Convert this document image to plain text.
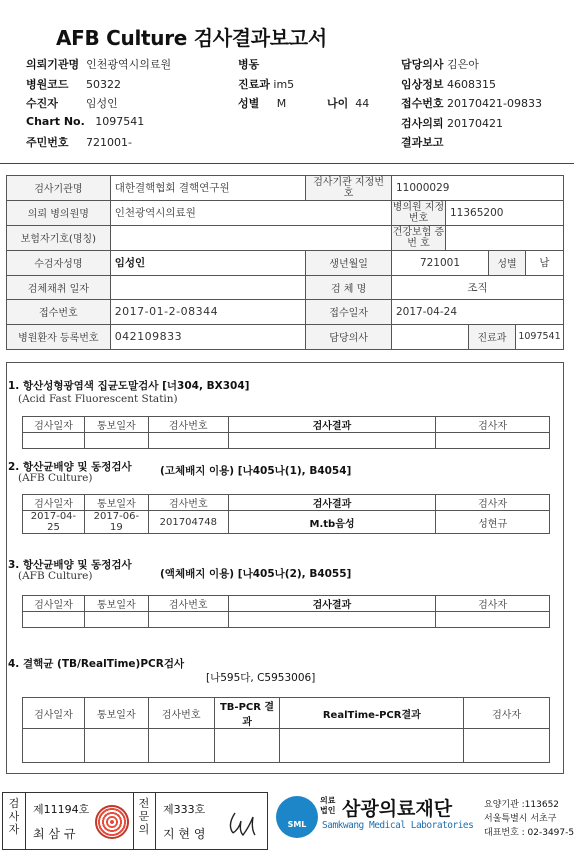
AFB Culture 검사결과보고서
의뢰기관명 인천광역시의료원
병원코드 50322
수진자	임성인
Chart No. 1097541
주민번호 721001-
병동
진료과 im5
성별 M	나이 44
담당의사 김은아
임상정보 4608315
접수번호 20170421-09833
검사의뢰 20170421
결과보고
검사기관명	대한결핵협회 결핵연구원	검사기관 지정번호	11000029
의뢰 병의원명	인천광역시의료원		병의원 지정번호 11365200

보험자기호(명칭)			건강보험 증 번 호

수검자성명	임성인	생년월일	721001 성별 남

검체채취 일자		검 체 명	조직
접수번호	2017-01-2-08344	접수일자	2017-04-24
병원환자 등록번호	042109833	담당의사	진료과 1097541
1. 항산성형광염색 집균도말검사 [너304, BX304]
(Acid Fast Fluorescent Statin)
검사일자	통보일자	검사번호	검사결과	검사자

2. 항산균배양 및 동정검사
(AFB Culture)
(고체배지 이용) [나405나(1), B4054]
검사일자	통보일자	검사번호	검사결과	검사자
2017-04-25	2017-06-19	201704748	M.tb음성	성현규
3. 항산균배양 및 동정검사
(AFB Culture)	(액체배지 이용) [나405나(2), B4055]
검사일자	통보일자	검사번호	검사결과	검사자

4. 결핵균 (TB/RealTime)PCR검사
[나595다, C5953006]
검사일자	통보일자	검사번호	TB-PCR 결과	RealTime-PCR결과	검사자

검사자
제11194호
최 삼 규
전문의
제333호
지 현 영
SML
의료법인 삼광의료재단
Samkwang Medical Laboratories
요양기관 :113652
서울특별시 서초구
대표번호 : 02-3497-5
